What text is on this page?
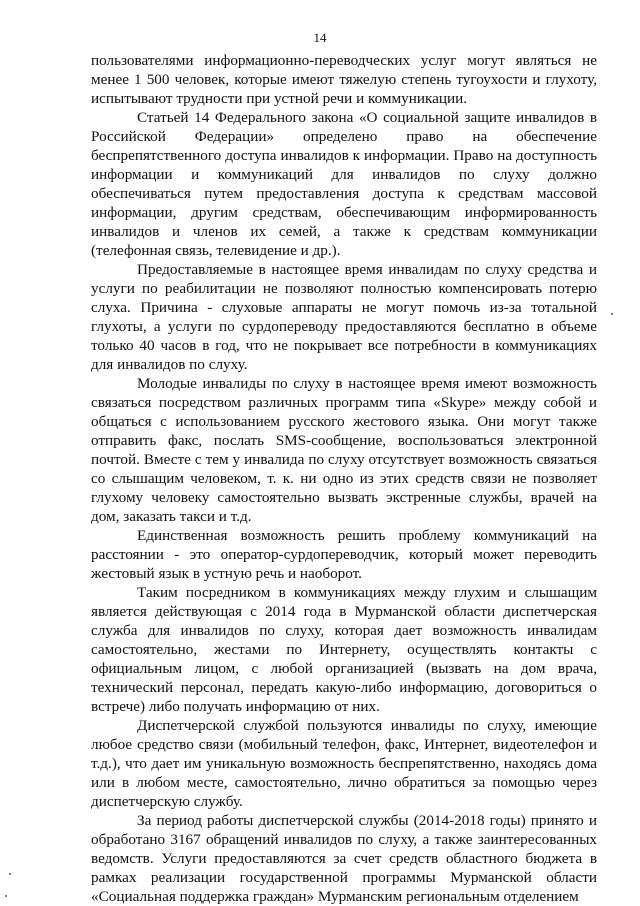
14

пользователями информационно-переводческих услуг могут являться не менее 1 500 человек, которые имеют тяжелую степень тугоухости и глухоту, испытывают трудности при устной речи и коммуникации.

Статьей 14 Федерального закона «О социальной защите инвалидов в Российской Федерации» определено право на обеспечение беспрепятственного доступа инвалидов к информации. Право на доступность информации и коммуникаций для инвалидов по слуху должно обеспечиваться путем предоставления доступа к средствам массовой информации, другим средствам, обеспечивающим информированность инвалидов и членов их семей, а также к средствам коммуникации (телефонная связь, телевидение и др.).

Предоставляемые в настоящее время инвалидам по слуху средства и услуги по реабилитации не позволяют полностью компенсировать потерю слуха. Причина - слуховые аппараты не могут помочь из-за тотальной глухоты, а услуги по сурдопереводу предоставляются бесплатно в объеме только 40 часов в год, что не покрывает все потребности в коммуникациях для инвалидов по слуху.

Молодые инвалиды по слуху в настоящее время имеют возможность связаться посредством различных программ типа «Skype» между собой и общаться с использованием русского жестового языка. Они могут также отправить факс, послать SMS-сообщение, воспользоваться электронной почтой. Вместе с тем у инвалида по слуху отсутствует возможность связаться со слышащим человеком, т. к. ни одно из этих средств связи не позволяет глухому человеку самостоятельно вызвать экстренные службы, врачей на дом, заказать такси и т.д.

Единственная возможность решить проблему коммуникаций на расстоянии - это оператор-сурдопереводчик, который может переводить жестовый язык в устную речь и наоборот.

Таким посредником в коммуникациях между глухим и слышащим является действующая с 2014 года в Мурманской области диспетчерская служба для инвалидов по слуху, которая дает возможность инвалидам самостоятельно, жестами по Интернету, осуществлять контакты с официальным лицом, с любой организацией (вызвать на дом врача, технический персонал, передать какую-либо информацию, договориться о встрече) либо получать информацию от них.

Диспетчерской службой пользуются инвалиды по слуху, имеющие любое средство связи (мобильный телефон, факс, Интернет, видеотелефон и т.д.), что дает им уникальную возможность беспрепятственно, находясь дома или в любом месте, самостоятельно, лично обратиться за помощью через диспетчерскую службу.

За период работы диспетчерской службы (2014-2018 годы) принято и обработано 3167 обращений инвалидов по слуху, а также заинтересованных ведомств. Услуги предоставляются за счет средств областного бюджета в рамках реализации государственной программы Мурманской области «Социальная поддержка граждан» Мурманским региональным отделением
